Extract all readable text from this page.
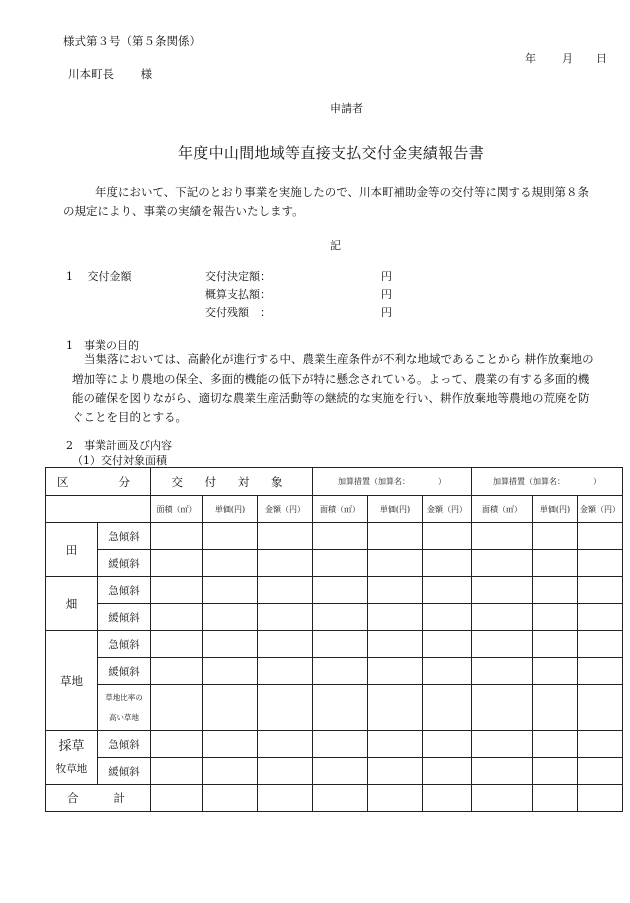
様式第３号（第５条関係）
年 月 日
川本町長　　 様
申請者
年度中山間地域等直接支払交付金実績報告書
年度において、下記のとおり事業を実施したので、川本町補助金等の交付等に関する規則第８条
の規定により、事業の実績を報告いたします。
記
1　 交付金額	交付決定額：	円
概算支払額：	円
交付残額　：	円
1　事業の目的
当集落においては、高齢化が進行する中、農業生産条件が不利な地域であることから 耕作放棄地の
増加等により農地の保全、多面的機能の低下が特に懸念されている。よって、農業の有する多面的機
能の確保を図りながら、適切な農業生産活動等の継続的な実施を行い、耕作放棄地等農地の荒廃を防
ぐことを目的とする。
2　事業計画及び内容
（1）交付対象面積
区　　分		交 付 対 象			加算措置（加算名：　　　　）			加算措置（加算名：　　　　）		
		面積（㎡）	単価(円)	金額（円）	面積（㎡）	単価(円)	金額（円）	面積（㎡）	単価(円)	金額（円）
田	急傾斜									
	緩傾斜									
畑	急傾斜									
	緩傾斜									
草地	急傾斜									
	緩傾斜									
	草地比率の
高い草地									
採草
牧草地	急傾斜									
	緩傾斜									
合　　計										
